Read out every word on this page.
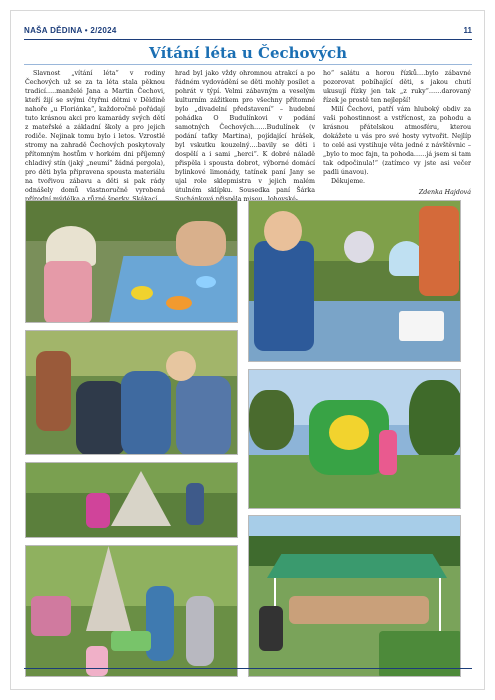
NAŠA DĚDINA • 2/2024	11
Vítání léta u Čechových

Slavnost „vítání léta“ v rodiny Čechových už se za ta léta stala pěknou tradicí…..manželé Jana a Martin Čechovi, kteří žijí se svými čtyřmi dětmi v Děldině nahoře „u Floriánka“, každoročně pořádají tuto krásnou akci pro kamarády svých dětí z mateřské a základní školy a pro jejich rodiče. Nejinak tomu bylo i letos. Vzrostlé stromy na zahradě Čechových poskytovaly přítomným hostům v horkém dni příjemný chladivý stín (jaký „neumí“ žádná pergola), pro děti byla připravena spousta materiálu na tvořivou zábavu a děti si pak rády odnášely domů vlastnoručně vyrobená

hrad byl jako vždy ohromnou atrakcí a po řádném vydovádění se děti mohly posílet a pohrát v týpí. Velmi zábavným a veselým kulturním zážitkem pro všechny přítomné bylo „divadelní představení“ – hudební pohádka O Budulínkovi v podání samotných Čechových……Budulínek (v podání taťky Martina), pojídající hrášek, byl vskutku kouzelný….bavily se děti i dospělí a i sami „herci“. K dobré náladě přispěla i spousta dobrot, výborné domácí bylinkové limonády, tatínek paní Jany se ujal role sklepmistra v jejich malém útulném sklípku. Sousedka paní Šárka

ho“ salátu a horou řízků….bylo zábavné pozorovat pobíhající děti, s jakou chutí ukusují řízky jen tak „z ruky“……darovaný řízek je prostě ten nejlepší!

Milí Čechovi, patří vám hluboký obdiv za vaši pohostinnost a vstřícnost, za pohodu a krásnou přátelskou atmosféru, kterou dokážete u vás pro své hosty vytvořit. Nejlíp to celé asi vystihuje věta jedné z návštěvnic – „bylo to moc fajn, ta pohoda……já jsem si tam tak odpočinula!“ (zatímco vy jste asi večer padli únavou).

Děkujeme.

Zdenka Hajdová
